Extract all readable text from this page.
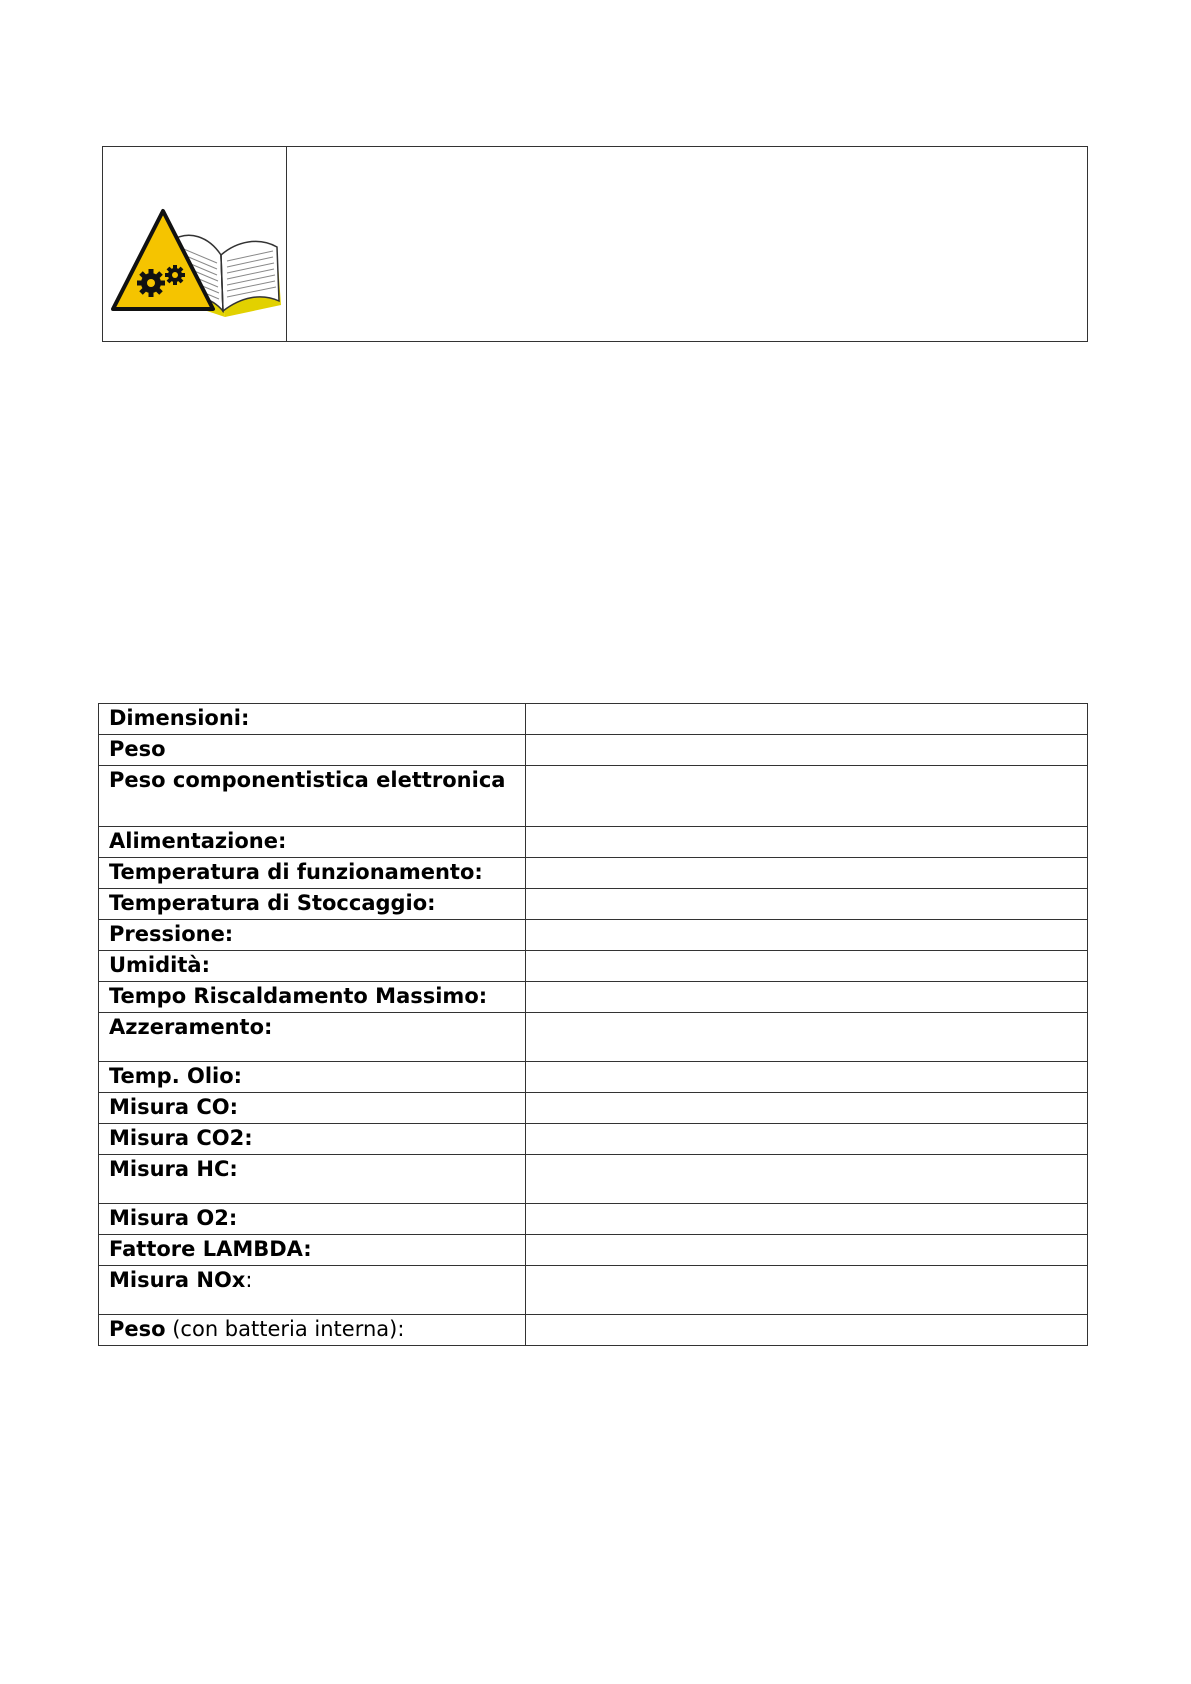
Dimensioni:	
Peso	
Peso componentistica elettronica	
Alimentazione:	
Temperatura di funzionamento:	
Temperatura di Stoccaggio:	
Pressione:	
Umidità:	
Tempo Riscaldamento Massimo:	
Azzeramento:	
Temp. Olio:	
Misura CO:	
Misura CO2:	
Misura HC:	
Misura O2:	
Fattore LAMBDA:	
Misura NOx:	
Peso (con batteria interna):	
